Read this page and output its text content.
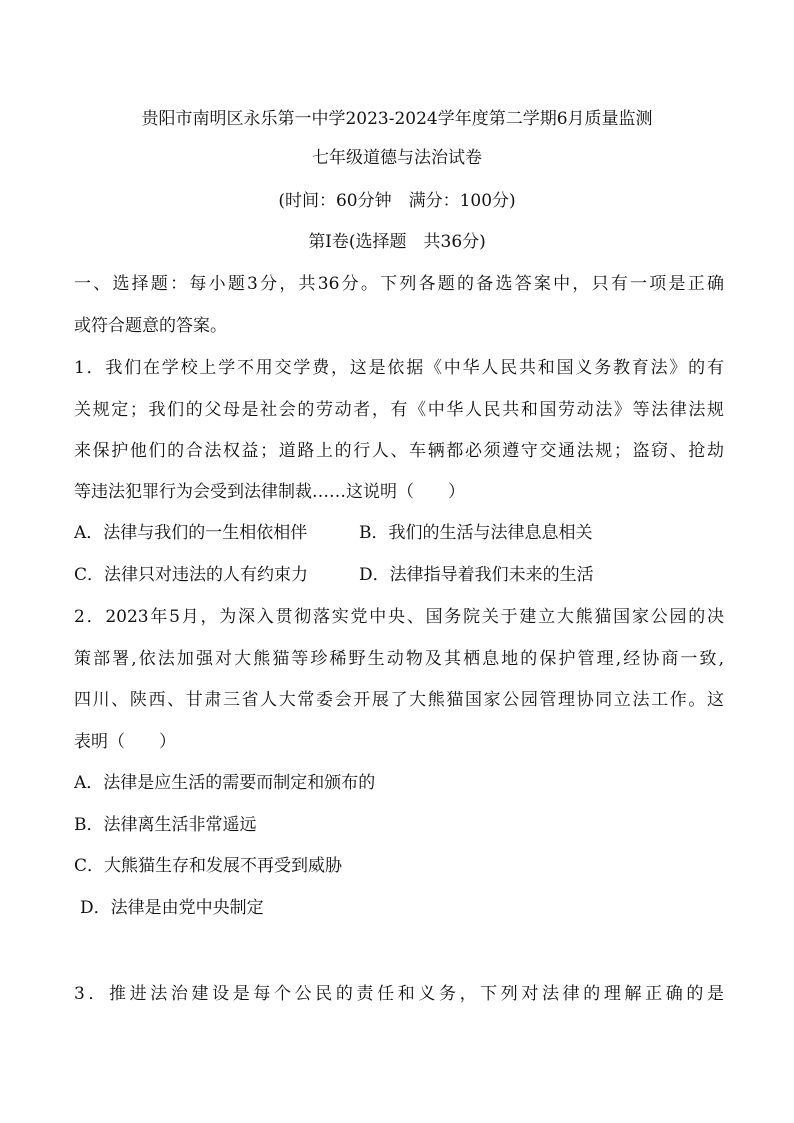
贵阳市南明区永乐第一中学2023-2024学年度第二学期6月质量监测
七年级道德与法治试卷
(时间：60分钟　满分：100分)
第Ⅰ卷(选择题　共36分)
一、选择题：每小题3分，共36分。下列各题的备选答案中，只有一项是正确
或符合题意的答案。
1．我们在学校上学不用交学费，这是依据《中华人民共和国义务教育法》的有
关规定；我们的父母是社会的劳动者，有《中华人民共和国劳动法》等法律法规
来保护他们的合法权益；道路上的行人、车辆都必须遵守交通法规；盗窃、抢劫
等违法犯罪行为会受到法律制裁……这说明（　　）
A．法律与我们的一生相依相伴	B．我们的生活与法律息息相关
C．法律只对违法的人有约束力	D．法律指导着我们未来的生活
2．2023年5月，为深入贯彻落实党中央、国务院关于建立大熊猫国家公园的决
策部署,依法加强对大熊猫等珍稀野生动物及其栖息地的保护管理,经协商一致,
四川、陕西、甘肃三省人大常委会开展了大熊猫国家公园管理协同立法工作。这
表明（　　）
A．法律是应生活的需要而制定和颁布的
B．法律离生活非常遥远
C．大熊猫生存和发展不再受到威胁
D．法律是由党中央制定
3．推进法治建设是每个公民的责任和义务，下列对法律的理解正确的是
